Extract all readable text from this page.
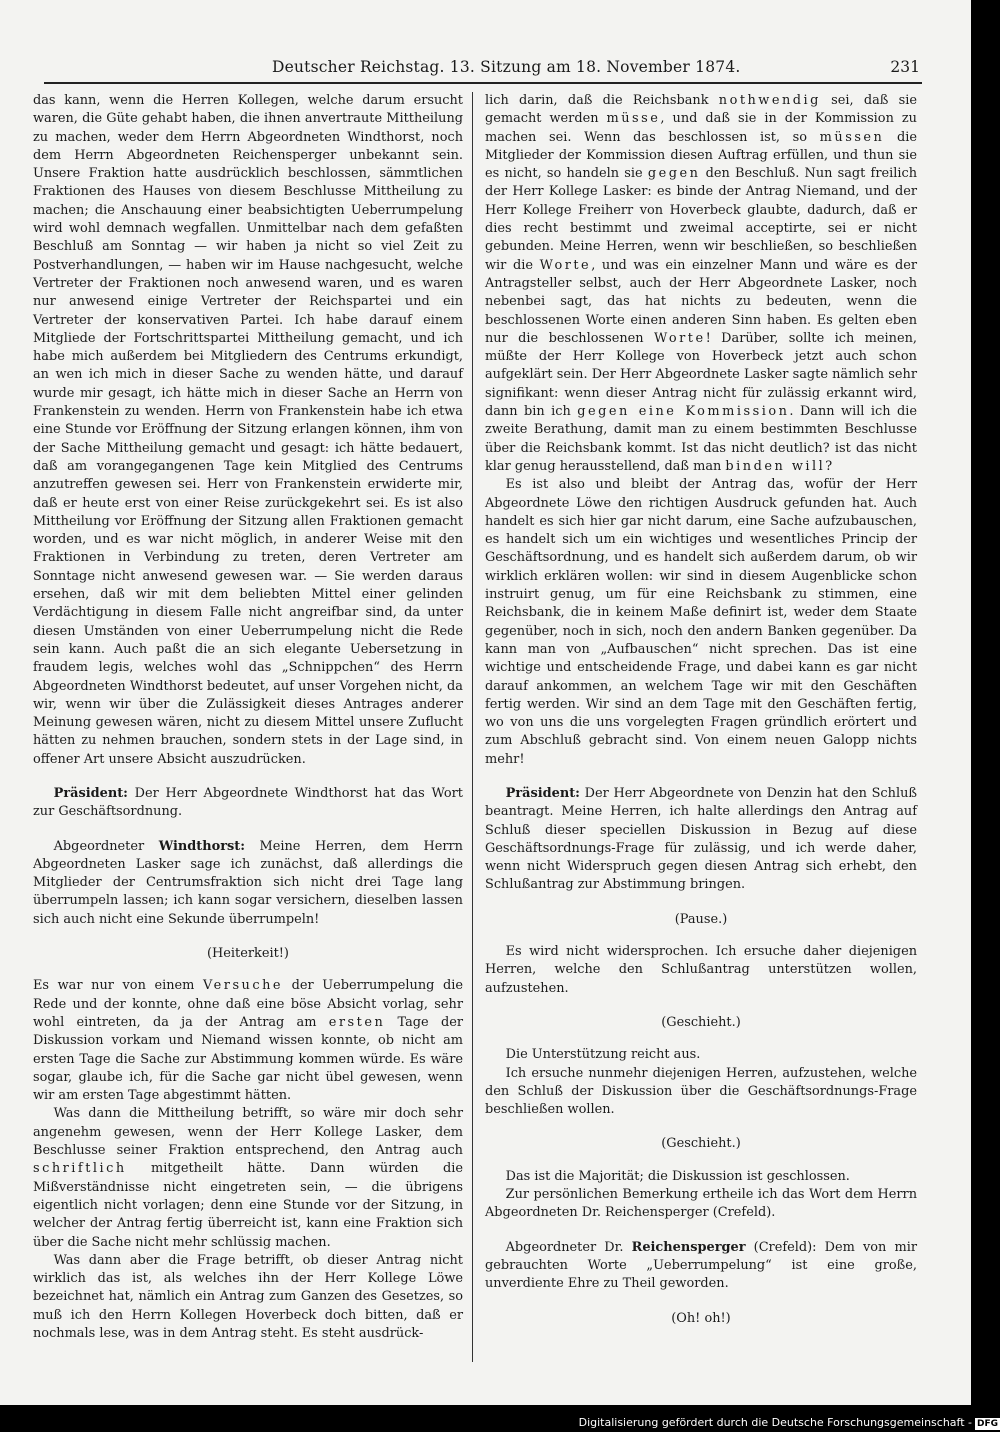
Deutscher Reichstag. 13. Sitzung am 18. November 1874.	231

das kann, wenn die Herren Kollegen, welche darum ersucht waren, die Güte gehabt haben, die ihnen anvertraute Mittheilung zu machen, weder dem Herrn Abgeordneten Windthorst, noch dem Herrn Abgeordneten Reichensperger unbekannt sein. Unsere Fraktion hatte ausdrücklich beschlossen, sämmtlichen Fraktionen des Hauses von diesem Beschlusse Mittheilung zu machen; die Anschauung einer beabsichtigten Ueberrumpelung wird wohl demnach wegfallen. Unmittelbar nach dem gefaßten Beschluß am Sonntag — wir haben ja nicht so viel Zeit zu Postverhandlungen, — haben wir im Hause nachgesucht, welche Vertreter der Fraktionen noch anwesend waren, und es waren nur anwesend einige Vertreter der Reichspartei und ein Vertreter der konservativen Partei. Ich habe darauf einem Mitgliede der Fortschrittspartei Mittheilung gemacht, und ich habe mich außerdem bei Mitgliedern des Centrums erkundigt, an wen ich mich in dieser Sache zu wenden hätte, und darauf wurde mir gesagt, ich hätte mich in dieser Sache an Herrn von Frankenstein zu wenden. Herrn von Frankenstein habe ich etwa eine Stunde vor Eröffnung der Sitzung erlangen können, ihm von der Sache Mittheilung gemacht und gesagt: ich hätte bedauert, daß am vorangegangenen Tage kein Mitglied des Centrums anzutreffen gewesen sei. Herr von Frankenstein erwiderte mir, daß er heute erst von einer Reise zurückgekehrt sei. Es ist also Mittheilung vor Eröffnung der Sitzung allen Fraktionen gemacht worden, und es war nicht möglich, in anderer Weise mit den Fraktionen in Verbindung zu treten, deren Vertreter am Sonntage nicht anwesend gewesen war. — Sie werden daraus ersehen, daß wir mit dem beliebten Mittel einer gelinden Verdächtigung in diesem Falle nicht angreifbar sind, da unter diesen Umständen von einer Ueberrumpelung nicht die Rede sein kann. Auch paßt die an sich elegante Uebersetzung in fraudem legis, welches wohl das „Schnippchen“ des Herrn Abgeordneten Windthorst bedeutet, auf unser Vorgehen nicht, da wir, wenn wir über die Zulässigkeit dieses Antrages anderer Meinung gewesen wären, nicht zu diesem Mittel unsere Zuflucht hätten zu nehmen brauchen, sondern stets in der Lage sind, in offener Art unsere Absicht auszudrücken.

Präsident: Der Herr Abgeordnete Windthorst hat das Wort zur Geschäftsordnung.

Abgeordneter Windthorst: Meine Herren, dem Herrn Abgeordneten Lasker sage ich zunächst, daß allerdings die Mitglieder der Centrumsfraktion sich nicht drei Tage lang überrumpeln lassen; ich kann sogar versichern, dieselben lassen sich auch nicht eine Sekunde überrumpeln!

(Heiterkeit!)

Es war nur von einem Versuche der Ueberrumpelung die Rede und der konnte, ohne daß eine böse Absicht vorlag, sehr wohl eintreten, da ja der Antrag am ersten Tage der Diskussion vorkam und Niemand wissen konnte, ob nicht am ersten Tage die Sache zur Abstimmung kommen würde. Es wäre sogar, glaube ich, für die Sache gar nicht übel gewesen, wenn wir am ersten Tage abgestimmt hätten.

Was dann die Mittheilung betrifft, so wäre mir doch sehr angenehm gewesen, wenn der Herr Kollege Lasker, dem Beschlusse seiner Fraktion entsprechend, den Antrag auch schriftlich mitgetheilt hätte. Dann würden die Mißverständnisse nicht eingetreten sein, — die übrigens eigentlich nicht vorlagen; denn eine Stunde vor der Sitzung, in welcher der Antrag fertig überreicht ist, kann eine Fraktion sich über die Sache nicht mehr schlüssig machen.

Was dann aber die Frage betrifft, ob dieser Antrag nicht wirklich das ist, als welches ihn der Herr Kollege Löwe bezeichnet hat, nämlich ein Antrag zum Ganzen des Gesetzes, so muß ich den Herrn Kollegen Hoverbeck doch bitten, daß er nochmals lese, was in dem Antrag steht. Es steht ausdrück-

lich darin, daß die Reichsbank nothwendig sei, daß sie gemacht werden müsse, und daß sie in der Kommission zu machen sei. Wenn das beschlossen ist, so müssen die Mitglieder der Kommission diesen Auftrag erfüllen, und thun sie es nicht, so handeln sie gegen den Beschluß. Nun sagt freilich der Herr Kollege Lasker: es binde der Antrag Niemand, und der Herr Kollege Freiherr von Hoverbeck glaubte, dadurch, daß er dies recht bestimmt und zweimal acceptirte, sei er nicht gebunden. Meine Herren, wenn wir beschließen, so beschließen wir die Worte, und was ein einzelner Mann und wäre es der Antragsteller selbst, auch der Herr Abgeordnete Lasker, noch nebenbei sagt, das hat nichts zu bedeuten, wenn die beschlossenen Worte einen anderen Sinn haben. Es gelten eben nur die beschlossenen Worte! Darüber, sollte ich meinen, müßte der Herr Kollege von Hoverbeck jetzt auch schon aufgeklärt sein. Der Herr Abgeordnete Lasker sagte nämlich sehr signifikant: wenn dieser Antrag nicht für zulässig erkannt wird, dann bin ich gegen eine Kommission. Dann will ich die zweite Berathung, damit man zu einem bestimmten Beschlusse über die Reichsbank kommt. Ist das nicht deutlich? ist das nicht klar genug herausstellend, daß man binden will?

Es ist also und bleibt der Antrag das, wofür der Herr Abgeordnete Löwe den richtigen Ausdruck gefunden hat. Auch handelt es sich hier gar nicht darum, eine Sache aufzubauschen, es handelt sich um ein wichtiges und wesentliches Princip der Geschäftsordnung, und es handelt sich außerdem darum, ob wir wirklich erklären wollen: wir sind in diesem Augenblicke schon instruirt genug, um für eine Reichsbank zu stimmen, eine Reichsbank, die in keinem Maße definirt ist, weder dem Staate gegenüber, noch in sich, noch den andern Banken gegenüber. Da kann man von „Aufbauschen“ nicht sprechen. Das ist eine wichtige und entscheidende Frage, und dabei kann es gar nicht darauf ankommen, an welchem Tage wir mit den Geschäften fertig werden. Wir sind an dem Tage mit den Geschäften fertig, wo von uns die uns vorgelegten Fragen gründlich erörtert und zum Abschluß gebracht sind. Von einem neuen Galopp nichts mehr!

Präsident: Der Herr Abgeordnete von Denzin hat den Schluß beantragt. Meine Herren, ich halte allerdings den Antrag auf Schluß dieser speciellen Diskussion in Bezug auf diese Geschäftsordnungs-Frage für zulässig, und ich werde daher, wenn nicht Widerspruch gegen diesen Antrag sich erhebt, den Schlußantrag zur Abstimmung bringen.

(Pause.)

Es wird nicht widersprochen. Ich ersuche daher diejenigen Herren, welche den Schlußantrag unterstützen wollen, aufzustehen.

(Geschieht.)

Die Unterstützung reicht aus.

Ich ersuche nunmehr diejenigen Herren, aufzustehen, welche den Schluß der Diskussion über die Geschäftsordnungs-Frage beschließen wollen.

(Geschieht.)

Das ist die Majorität; die Diskussion ist geschlossen.

Zur persönlichen Bemerkung ertheile ich das Wort dem Herrn Abgeordneten Dr. Reichensperger (Crefeld).

Abgeordneter Dr. Reichensperger (Crefeld): Dem von mir gebrauchten Worte „Ueberrumpelung“ ist eine große, unverdiente Ehre zu Theil geworden.

(Oh! oh!)
Digitalisierung gefördert durch die Deutsche Forschungsgemeinschaft - DFG
